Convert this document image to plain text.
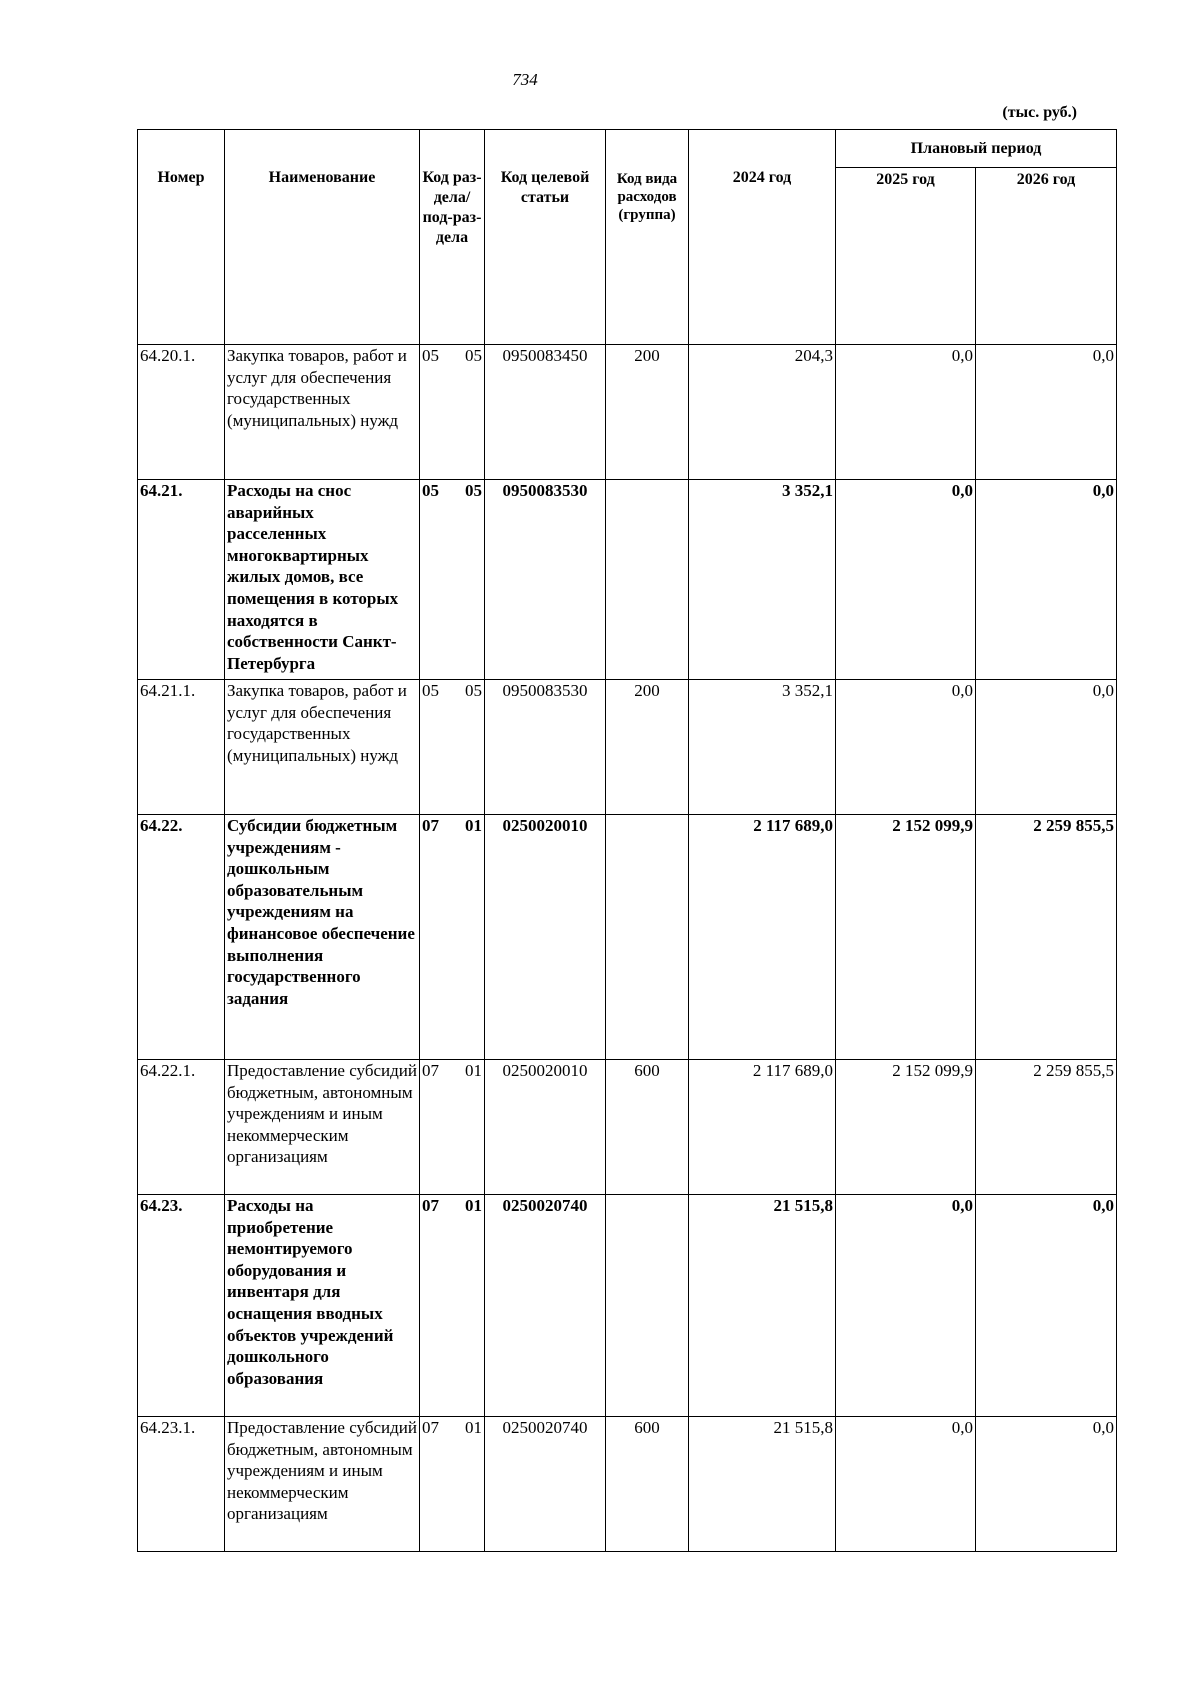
734
(тыс. руб.)
Номер	Наименование	Код раз-дела/ под-раз-дела	Код целевой статьи	Код вида расходов (группа)	2024 год	Плановый период	
						2025 год	2026 год
64.20.1.	Закупка товаров, работ и услуг для обеспечения государственных (муниципальных) нужд	05 05	0950083450	200	204,3	0,0	0,0
64.21.	Расходы на снос аварийных расселенных многоквартирных жилых домов, все помещения в которых находятся в собственности Санкт-Петербурга	05 05	0950083530		3 352,1	0,0	0,0
64.21.1.	Закупка товаров, работ и услуг для обеспечения государственных (муниципальных) нужд	05 05	0950083530	200	3 352,1	0,0	0,0
64.22.	Субсидии бюджетным учреждениям - дошкольным образовательным учреждениям на финансовое обеспечение выполнения государственного задания	07 01	0250020010		2 117 689,0	2 152 099,9	2 259 855,5
64.22.1.	Предоставление субсидий бюджетным, автономным учреждениям и иным некоммерческим организациям	07 01	0250020010	600	2 117 689,0	2 152 099,9	2 259 855,5
64.23.	Расходы на приобретение немонтируемого оборудования и инвентаря для оснащения вводных объектов учреждений дошкольного образования	07 01	0250020740		21 515,8	0,0	0,0
64.23.1.	Предоставление субсидий бюджетным, автономным учреждениям и иным некоммерческим организациям	07 01	0250020740	600	21 515,8	0,0	0,0
